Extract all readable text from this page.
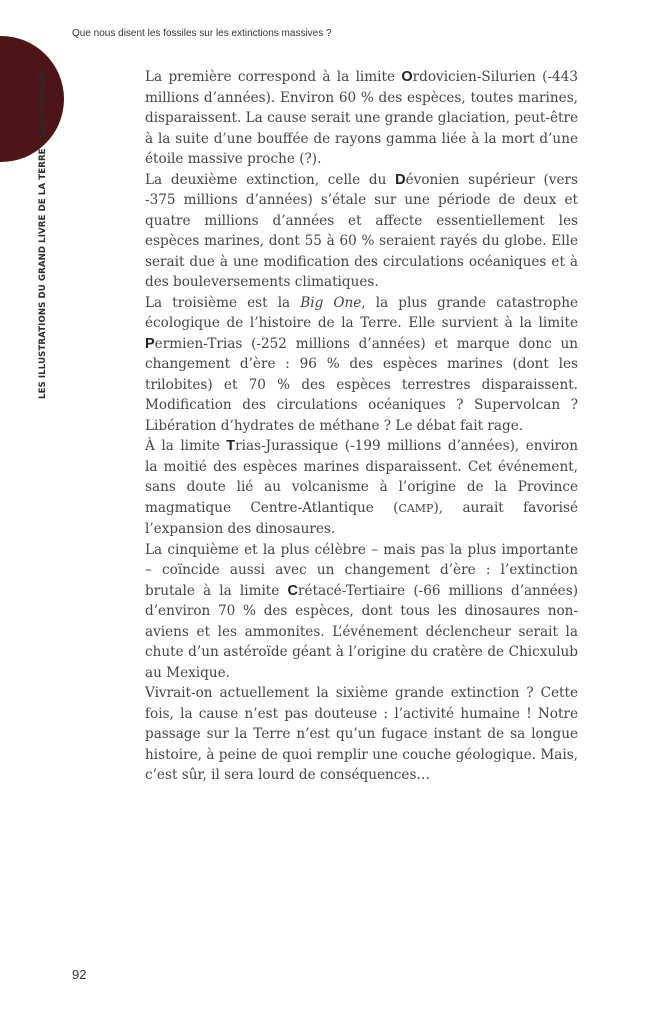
Que nous disent les fossiles sur les extinctions massives ?
LES ILLUSTRATIONS DU GRAND LIVRE DE LA TERRE : LES FOSSILES	La première correspond à la limite Ordovicien-Silurien (-443 millions d’années). Environ 60 % des espèces, toutes marines, disparaissent. La cause serait une grande glaciation, peut-être à la suite d’une bouffée de rayons gamma liée à la mort d’une étoile massive proche (?).

La deuxième extinction, celle du Dévonien supérieur (vers -375 millions d’années) s’étale sur une période de deux et quatre millions d’années et affecte essentiellement les espèces marines, dont 55 à 60 % seraient rayés du globe. Elle serait due à une modification des circulations océaniques et à des bouleversements climatiques.

La troisième est la Big One, la plus grande catastrophe écologique de l’histoire de la Terre. Elle survient à la limite Permien-Trias (-252 millions d’années) et marque donc un changement d’ère : 96 % des espèces marines (dont les trilobites) et 70 % des espèces terrestres disparaissent. Modification des circulations océaniques ? Supervolcan ? Libération d’hydrates de méthane ? Le débat fait rage.

À la limite Trias-Jurassique (-199 millions d’années), environ la moitié des espèces marines disparaissent. Cet événement, sans doute lié au volcanisme à l’origine de la Province magmatique Centre-Atlantique (CAMP), aurait favorisé l’expansion des dinosaures.

La cinquième et la plus célèbre – mais pas la plus importante – coïncide aussi avec un changement d’ère : l’extinction brutale à la limite Crétacé-Tertiaire (-66 millions d’années) d’environ 70 % des espèces, dont tous les dinosaures non-aviens et les ammonites. L’événement déclencheur serait la chute d’un astéroïde géant à l’origine du cratère de Chicxulub au Mexique.

Vivrait-on actuellement la sixième grande extinction ? Cette fois, la cause n’est pas douteuse : l’activité humaine ! Notre passage sur la Terre n’est qu’un fugace instant de sa longue histoire, à peine de quoi remplir une couche géologique. Mais, c’est sûr, il sera lourd de conséquences…

92
